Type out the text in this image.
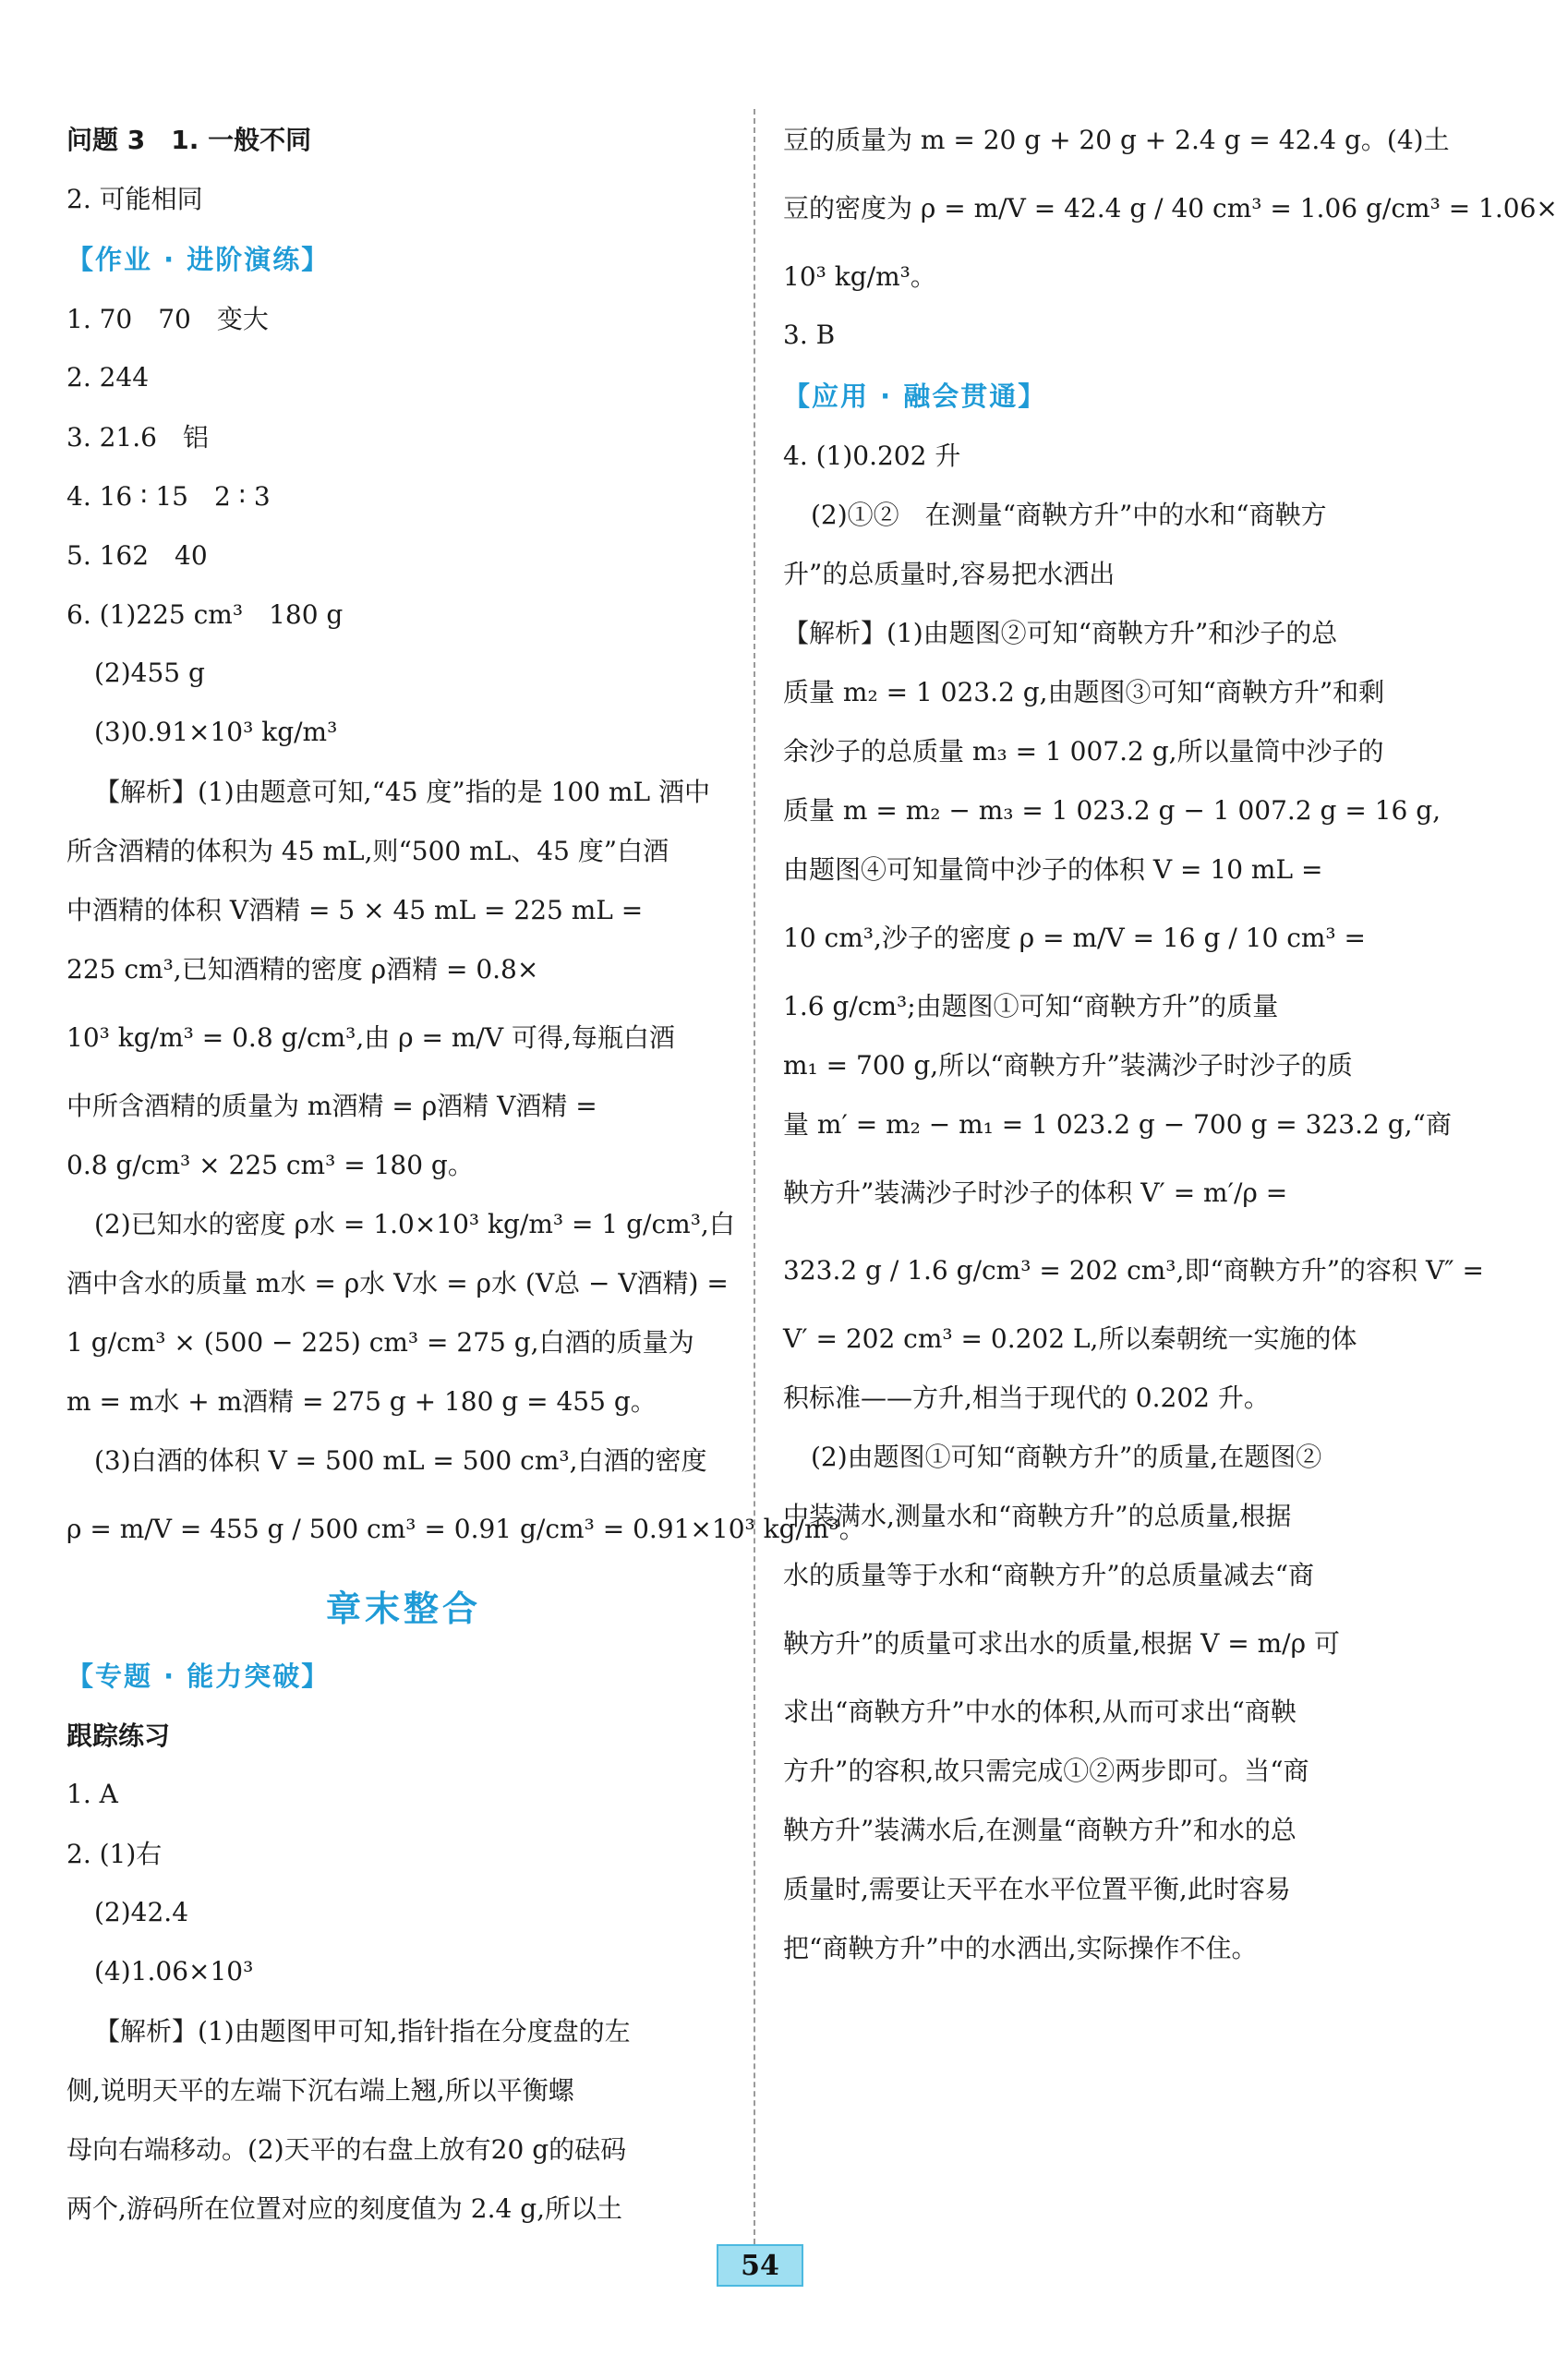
问题 3　1. 一般不同
2. 可能相同
【作业 · 进阶演练】
1. 70　70　变大
2. 244
3. 21.6　铝
4. 16 ∶ 15　2 ∶ 3
5. 162　40
6. (1)225 cm³　180 g
(2)455 g
(3)0.91×10³ kg/m³
【解析】(1)由题意可知,“45 度”指的是 100 mL 酒中
所含酒精的体积为 45 mL,则“500 mL、45 度”白酒
中酒精的体积 V酒精 = 5 × 45 mL = 225 mL =
225 cm³,已知酒精的密度 ρ酒精 = 0.8×
10³ kg/m³ = 0.8 g/cm³,由 ρ = m/V 可得,每瓶白酒
中所含酒精的质量为 m酒精 = ρ酒精 V酒精 =
0.8 g/cm³ × 225 cm³ = 180 g。
(2)已知水的密度 ρ水 = 1.0×10³ kg/m³ = 1 g/cm³,白
酒中含水的质量 m水 = ρ水 V水 = ρ水 (V总 − V酒精) =
1 g/cm³ × (500 − 225) cm³ = 275 g,白酒的质量为
m = m水 + m酒精 = 275 g + 180 g = 455 g。
(3)白酒的体积 V = 500 mL = 500 cm³,白酒的密度
ρ = m/V = 455 g / 500 cm³ = 0.91 g/cm³ = 0.91×10³ kg/m³。
章末整合
【专题 · 能力突破】
跟踪练习
1. A
2. (1)右
(2)42.4
(4)1.06×10³
【解析】(1)由题图甲可知,指针指在分度盘的左
侧,说明天平的左端下沉右端上翘,所以平衡螺
母向右端移动。(2)天平的右盘上放有20 g的砝码
两个,游码所在位置对应的刻度值为 2.4 g,所以土
豆的质量为 m = 20 g + 20 g + 2.4 g = 42.4 g。(4)土
豆的密度为 ρ = m/V = 42.4 g / 40 cm³ = 1.06 g/cm³ = 1.06×
10³ kg/m³。
3. B
【应用 · 融会贯通】
4. (1)0.202 升
(2)①②　在测量“商鞅方升”中的水和“商鞅方
升”的总质量时,容易把水洒出
【解析】(1)由题图②可知“商鞅方升”和沙子的总
质量 m₂ = 1 023.2 g,由题图③可知“商鞅方升”和剩
余沙子的总质量 m₃ = 1 007.2 g,所以量筒中沙子的
质量 m = m₂ − m₃ = 1 023.2 g − 1 007.2 g = 16 g,
由题图④可知量筒中沙子的体积 V = 10 mL =
10 cm³,沙子的密度 ρ = m/V = 16 g / 10 cm³ =
1.6 g/cm³;由题图①可知“商鞅方升”的质量
m₁ = 700 g,所以“商鞅方升”装满沙子时沙子的质
量 m′ = m₂ − m₁ = 1 023.2 g − 700 g = 323.2 g,“商
鞅方升”装满沙子时沙子的体积 V′ = m′/ρ =
323.2 g / 1.6 g/cm³ = 202 cm³,即“商鞅方升”的容积 V″ =
V′ = 202 cm³ = 0.202 L,所以秦朝统一实施的体
积标准——方升,相当于现代的 0.202 升。
(2)由题图①可知“商鞅方升”的质量,在题图②
中装满水,测量水和“商鞅方升”的总质量,根据
水的质量等于水和“商鞅方升”的总质量减去“商
鞅方升”的质量可求出水的质量,根据 V = m/ρ 可
求出“商鞅方升”中水的体积,从而可求出“商鞅
方升”的容积,故只需完成①②两步即可。当“商
鞅方升”装满水后,在测量“商鞅方升”和水的总
质量时,需要让天平在水平位置平衡,此时容易
把“商鞅方升”中的水洒出,实际操作不住。
54
